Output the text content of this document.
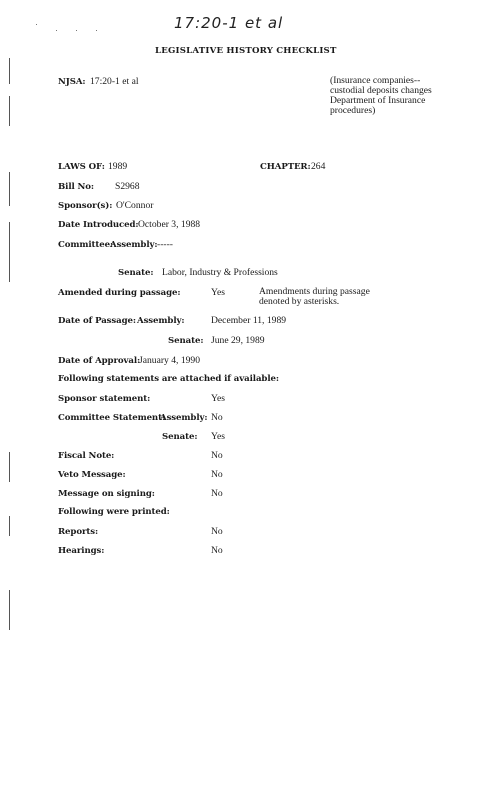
17:20-1 et al
LEGISLATIVE HISTORY CHECKLIST
NJSA: 17:20-1 et al	(Insurance companies--custodial deposits changes Department of Insurance procedures)
LAWS OF: 1989	CHAPTER: 264
Bill No: S2968
Sponsor(s): O'Connor
Date Introduced: October 3, 1988
Committee:
Assembly: -----
Senate: Labor, Industry & Professions
Amended during passage:	Yes	Amendments during passage denoted by asterisks.
Date of Passage: Assembly:	December 11, 1989
Senate: June 29, 1989
Date of Approval:
January 4, 1990
Following statements are attached if available:
Sponsor statement:	Yes
Committee Statement:
Assembly: No
Senate: Yes
Fiscal Note:	No
Veto Message:	No
Message on signing:	No
Following were printed:
Reports:	No
Hearings:	No
